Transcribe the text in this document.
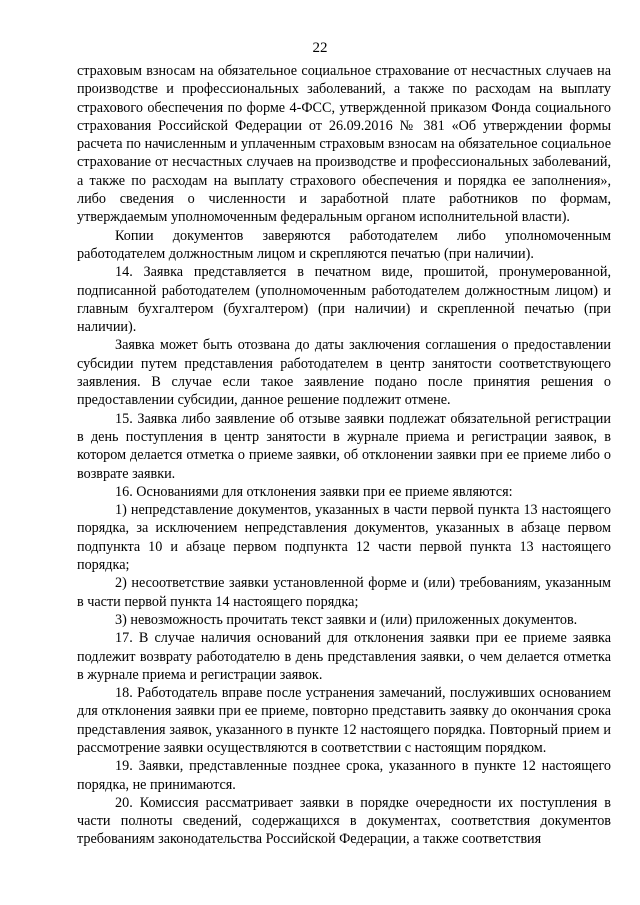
22

страховым взносам на обязательное социальное страхование от несчастных случаев на производстве и профессиональных заболеваний, а также по расходам на выплату страхового обеспечения по форме 4-ФСС, утвержденной приказом Фонда социального страхования Российской Федерации от 26.09.2016 № 381 «Об утверждении формы расчета по начисленным и уплаченным страховым взносам на обязательное социальное страхование от несчастных случаев на производстве и профессиональных заболеваний, а также по расходам на выплату страхового обеспечения и порядка ее заполнения», либо сведения о численности и заработной плате работников по формам, утверждаемым уполномоченным федеральным органом исполнительной власти).

Копии документов заверяются работодателем либо уполномоченным работодателем должностным лицом и скрепляются печатью (при наличии).

14. Заявка представляется в печатном виде, прошитой, пронумерованной, подписанной работодателем (уполномоченным работодателем должностным лицом) и главным бухгалтером (бухгалтером) (при наличии) и скрепленной печатью (при наличии).

Заявка может быть отозвана до даты заключения соглашения о предоставлении субсидии путем представления работодателем в центр занятости соответствующего заявления. В случае если такое заявление подано после принятия решения о предоставлении субсидии, данное решение подлежит отмене.

15. Заявка либо заявление об отзыве заявки подлежат обязательной регистрации в день поступления в центр занятости в журнале приема и регистрации заявок, в котором делается отметка о приеме заявки, об отклонении заявки при ее приеме либо о возврате заявки.

16. Основаниями для отклонения заявки при ее приеме являются:

1) непредставление документов, указанных в части первой пункта 13 настоящего порядка, за исключением непредставления документов, указанных в абзаце первом подпункта 10 и абзаце первом подпункта 12 части первой пункта 13 настоящего порядка;

2) несоответствие заявки установленной форме и (или) требованиям, указанным в части первой пункта 14 настоящего порядка;

3) невозможность прочитать текст заявки и (или) приложенных документов.

17. В случае наличия оснований для отклонения заявки при ее приеме заявка подлежит возврату работодателю в день представления заявки, о чем делается отметка в журнале приема и регистрации заявок.

18. Работодатель вправе после устранения замечаний, послуживших основанием для отклонения заявки при ее приеме, повторно представить заявку до окончания срока представления заявок, указанного в пункте 12 настоящего порядка. Повторный прием и рассмотрение заявки осуществляются в соответствии с настоящим порядком.

19. Заявки, представленные позднее срока, указанного в пункте 12 настоящего порядка, не принимаются.

20. Комиссия рассматривает заявки в порядке очередности их поступления в части полноты сведений, содержащихся в документах, соответствия документов требованиям законодательства Российской Федерации, а также соответствия
